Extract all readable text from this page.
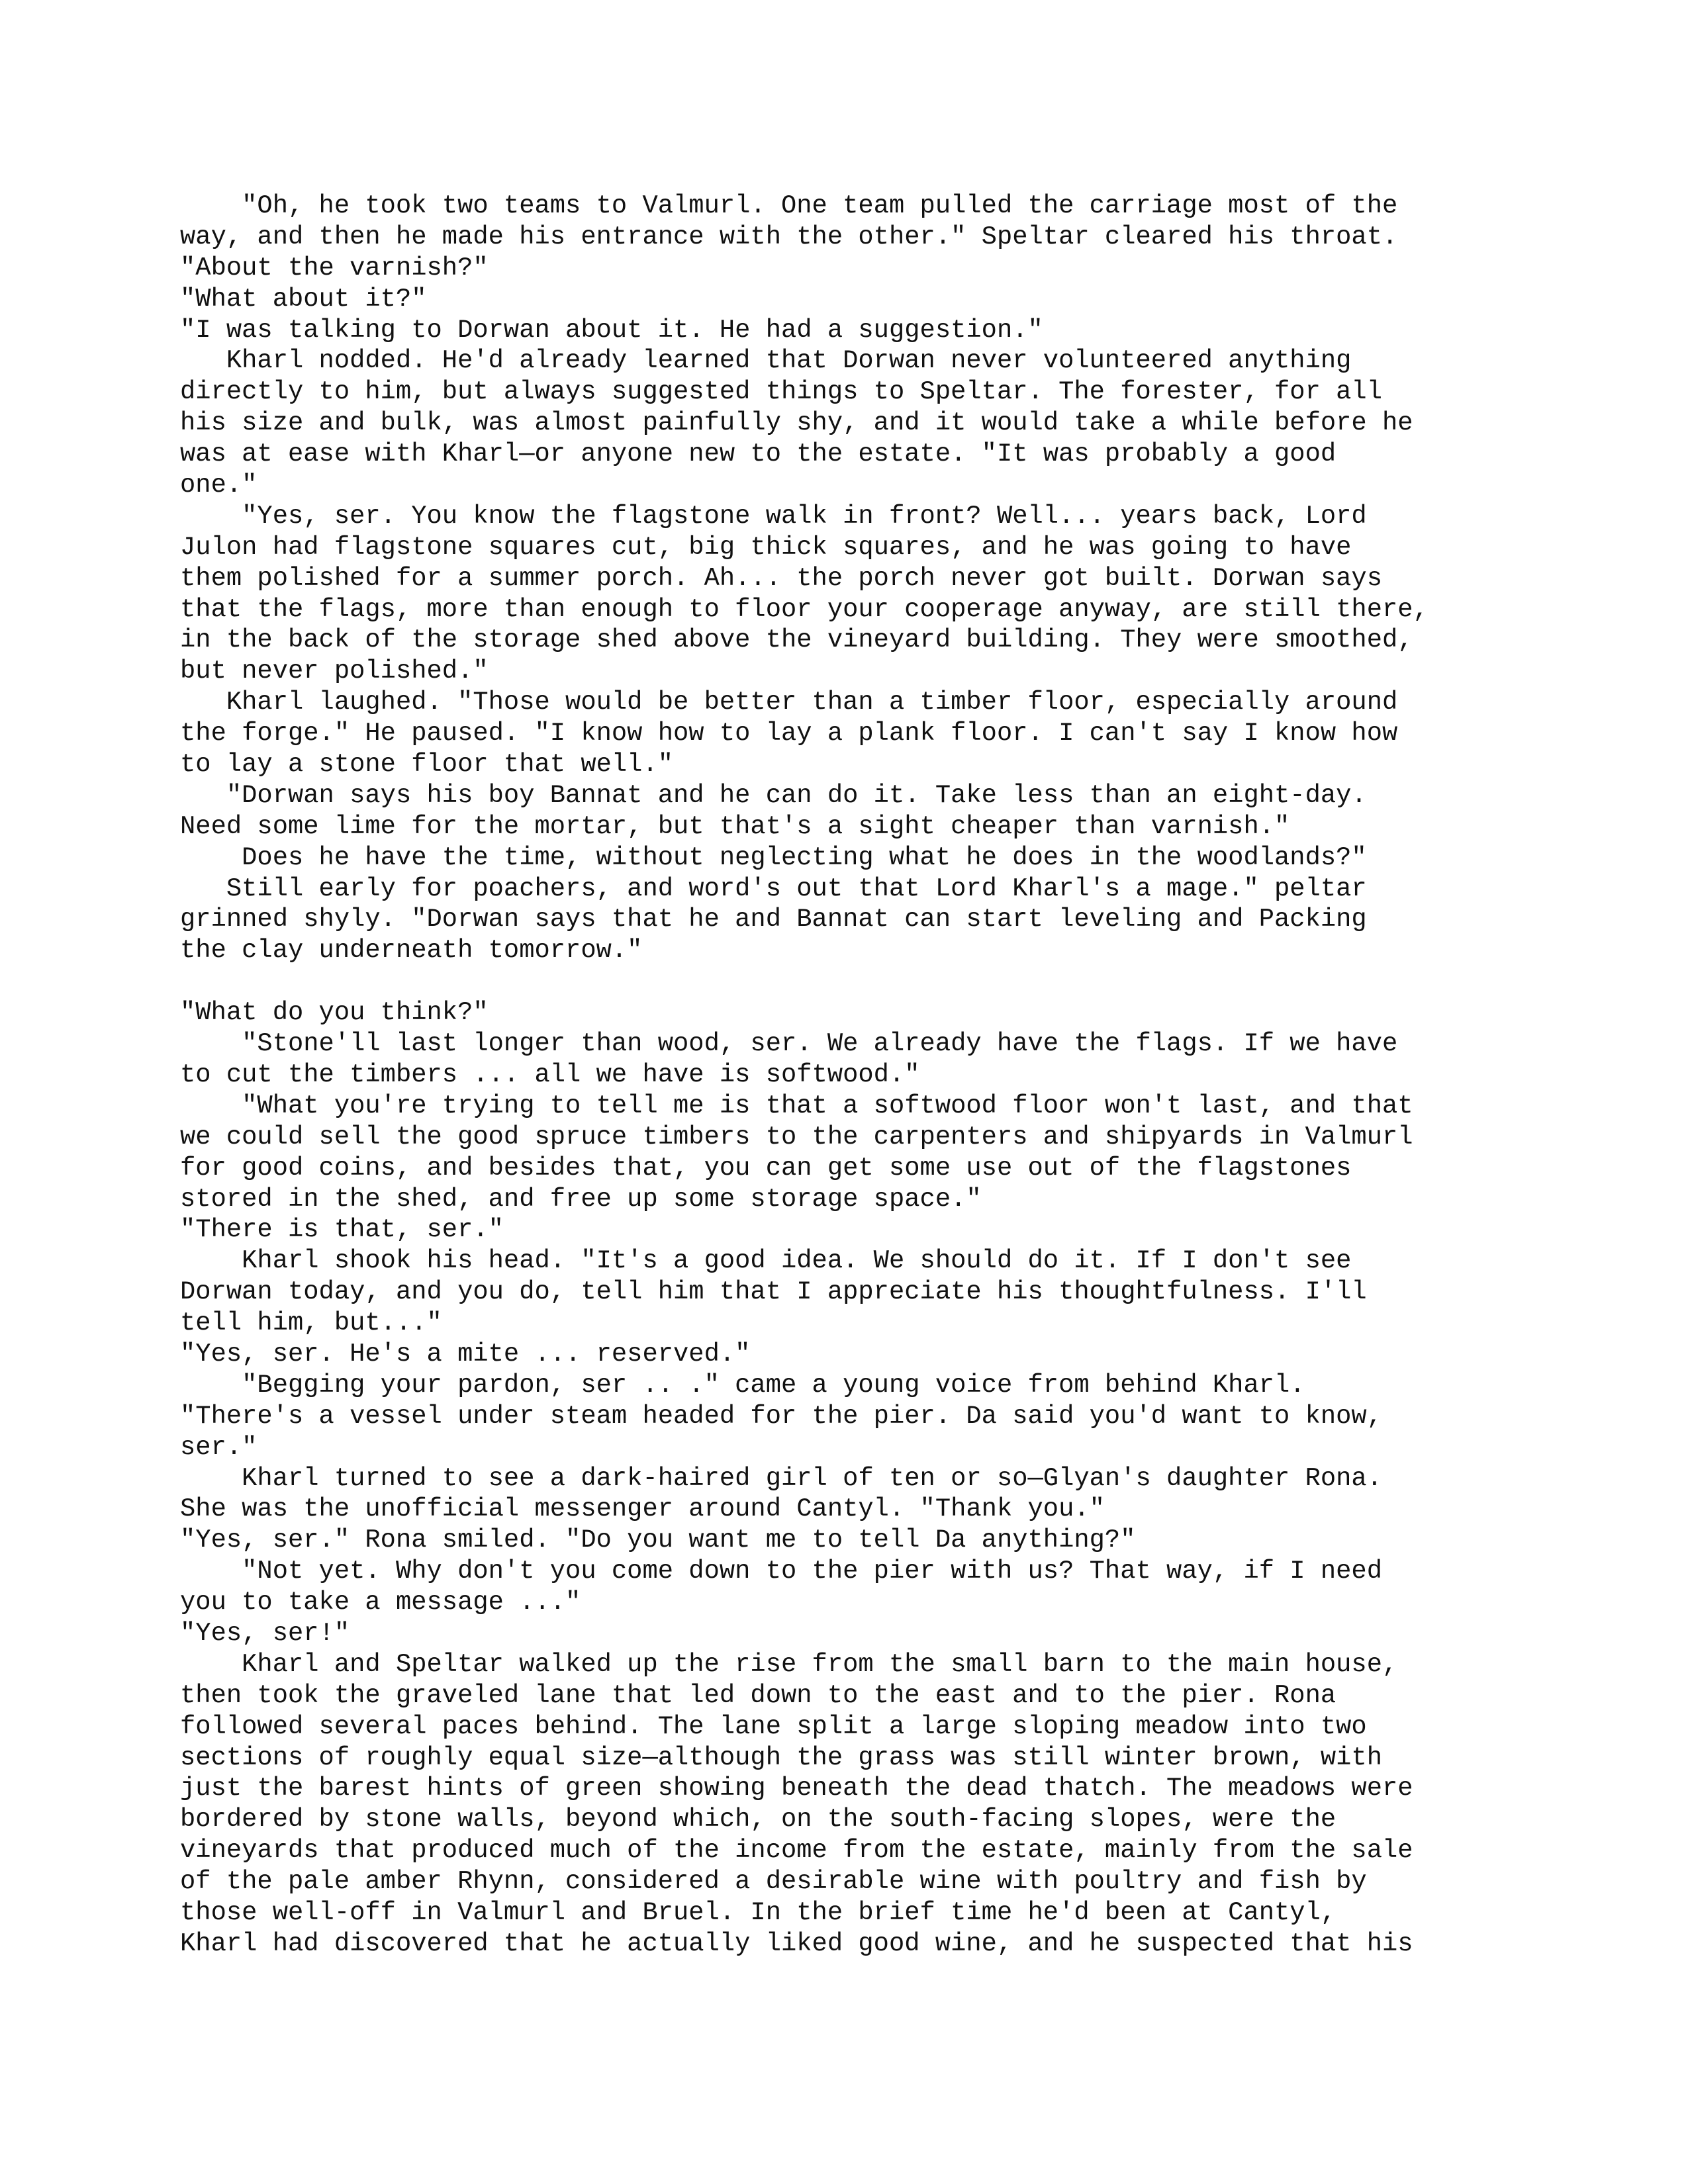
"Oh, he took two teams to Valmurl. One team pulled the carriage most of the
way, and then he made his entrance with the other." Speltar cleared his throat.
"About the varnish?"
"What about it?"
"I was talking to Dorwan about it. He had a suggestion."
Kharl nodded. He'd already learned that Dorwan never volunteered anything
directly to him, but always suggested things to Speltar. The forester, for all
his size and bulk, was almost painfully shy, and it would take a while before he
was at ease with Kharl—or anyone new to the estate. "It was probably a good
one."
"Yes, ser. You know the flagstone walk in front? Well... years back, Lord
Julon had flagstone squares cut, big thick squares, and he was going to have
them polished for a summer porch. Ah... the porch never got built. Dorwan says
that the flags, more than enough to floor your cooperage anyway, are still there,
in the back of the storage shed above the vineyard building. They were smoothed,
but never polished."
Kharl laughed. "Those would be better than a timber floor, especially around
the forge." He paused. "I know how to lay a plank floor. I can't say I know how
to lay a stone floor that well."
"Dorwan says his boy Bannat and he can do it. Take less than an eight-day.
Need some lime for the mortar, but that's a sight cheaper than varnish."
Does he have the time, without neglecting what he does in the woodlands?"
Still early for poachers, and word's out that Lord Kharl's a mage." peltar
grinned shyly. "Dorwan says that he and Bannat can start leveling and Packing
the clay underneath tomorrow."
"What do you think?"
"Stone'll last longer than wood, ser. We already have the flags. If we have
to cut the timbers ... all we have is softwood."
"What you're trying to tell me is that a softwood floor won't last, and that
we could sell the good spruce timbers to the carpenters and shipyards in Valmurl
for good coins, and besides that, you can get some use out of the flagstones
stored in the shed, and free up some storage space."
"There is that, ser."
Kharl shook his head. "It's a good idea. We should do it. If I don't see
Dorwan today, and you do, tell him that I appreciate his thoughtfulness. I'll
tell him, but..."
"Yes, ser. He's a mite ... reserved."
"Begging your pardon, ser .. ." came a young voice from behind Kharl.
"There's a vessel under steam headed for the pier. Da said you'd want to know,
ser."
Kharl turned to see a dark-haired girl of ten or so—Glyan's daughter Rona.
She was the unofficial messenger around Cantyl. "Thank you."
"Yes, ser." Rona smiled. "Do you want me to tell Da anything?"
"Not yet. Why don't you come down to the pier with us? That way, if I need
you to take a message ..."
"Yes, ser!"
Kharl and Speltar walked up the rise from the small barn to the main house,
then took the graveled lane that led down to the east and to the pier. Rona
followed several paces behind. The lane split a large sloping meadow into two
sections of roughly equal size—although the grass was still winter brown, with
just the barest hints of green showing beneath the dead thatch. The meadows were
bordered by stone walls, beyond which, on the south-facing slopes, were the
vineyards that produced much of the income from the estate, mainly from the sale
of the pale amber Rhynn, considered a desirable wine with poultry and fish by
those well-off in Valmurl and Bruel. In the brief time he'd been at Cantyl,
Kharl had discovered that he actually liked good wine, and he suspected that his
